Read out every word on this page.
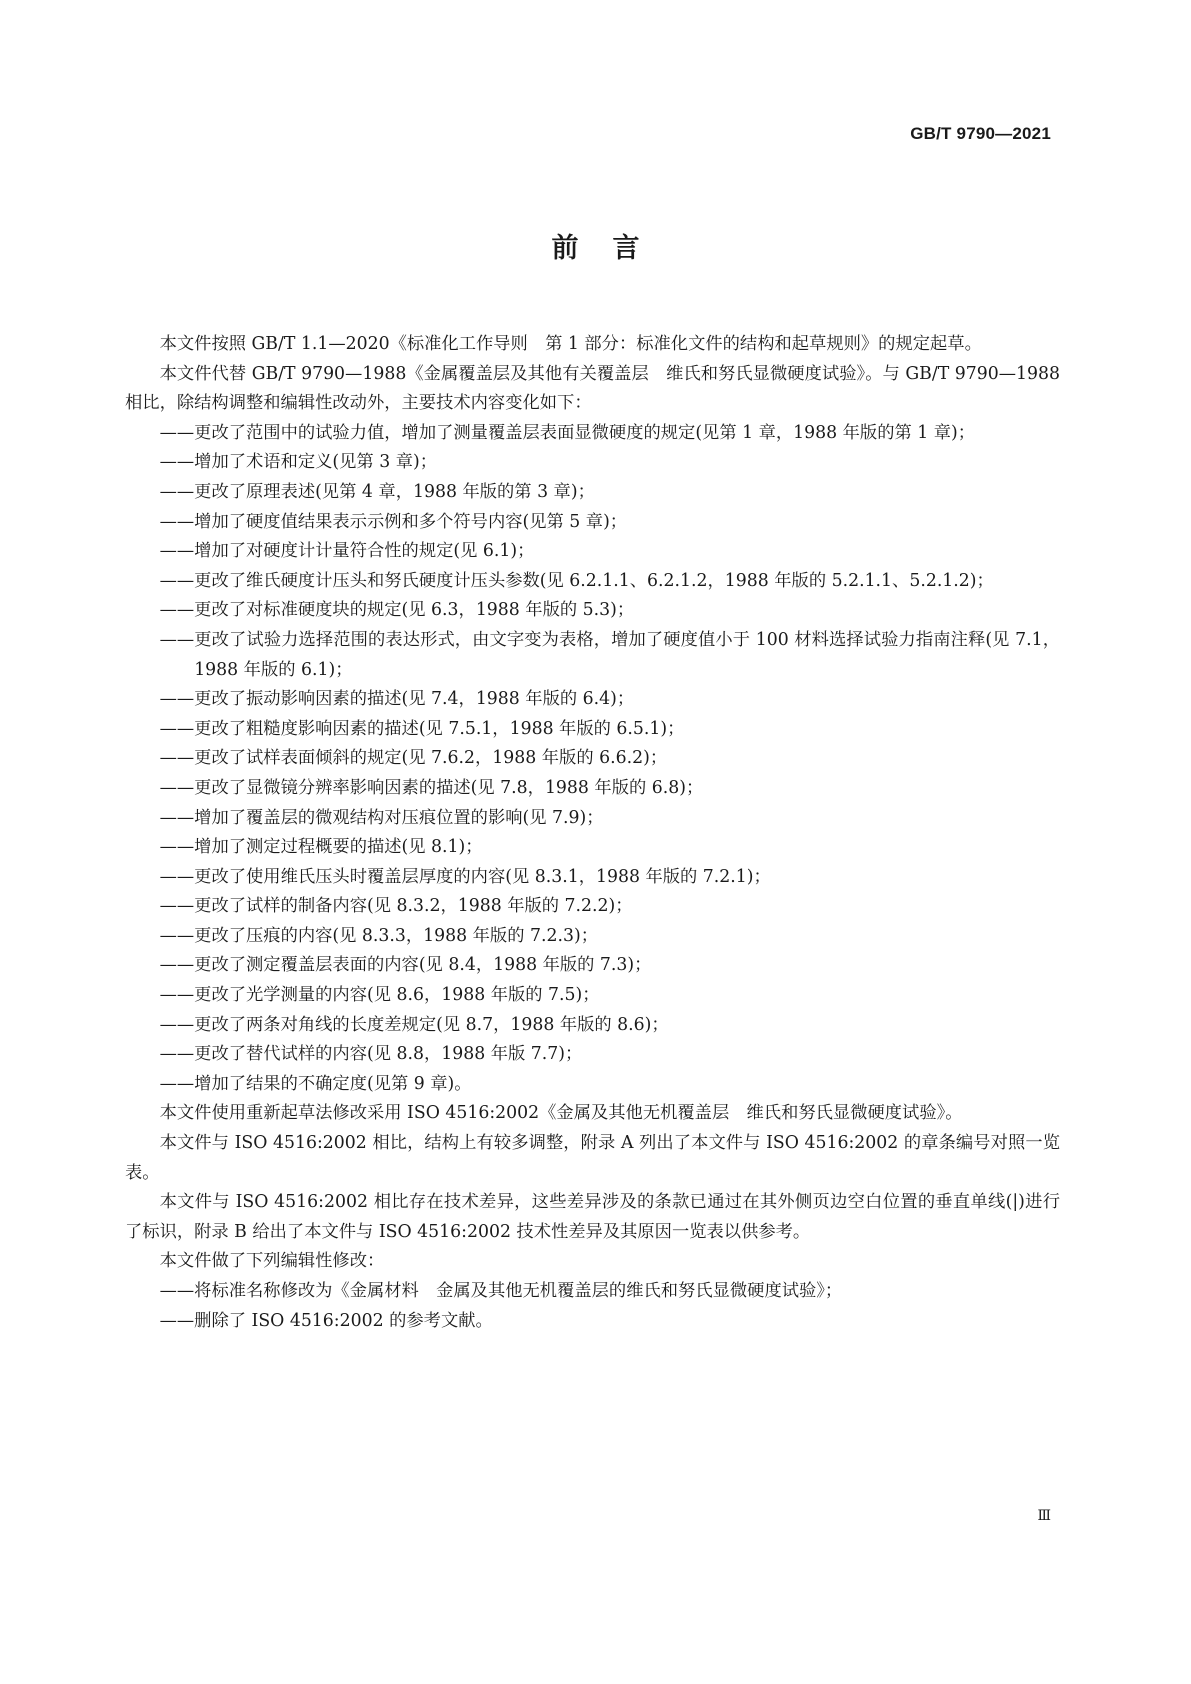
GB/T 9790—2021
前言

本文件按照 GB/T 1.1—2020《标准化工作导则　第 1 部分：标准化文件的结构和起草规则》的规定起草。

本文件代替 GB/T 9790—1988《金属覆盖层及其他有关覆盖层　维氏和努氏显微硬度试验》。与 GB/T 9790—1988 相比，除结构调整和编辑性改动外，主要技术内容变化如下：

——更改了范围中的试验力值，增加了测量覆盖层表面显微硬度的规定(见第 1 章，1988 年版的第 1 章)；

——增加了术语和定义(见第 3 章)；

——更改了原理表述(见第 4 章，1988 年版的第 3 章)；

——增加了硬度值结果表示示例和多个符号内容(见第 5 章)；

——增加了对硬度计计量符合性的规定(见 6.1)；

——更改了维氏硬度计压头和努氏硬度计压头参数(见 6.2.1.1、6.2.1.2，1988 年版的 5.2.1.1、5.2.1.2)；

——更改了对标准硬度块的规定(见 6.3，1988 年版的 5.3)；

——更改了试验力选择范围的表达形式，由文字变为表格，增加了硬度值小于 100 材料选择试验力指南注释(见 7.1，1988 年版的 6.1)；

——更改了振动影响因素的描述(见 7.4，1988 年版的 6.4)；

——更改了粗糙度影响因素的描述(见 7.5.1，1988 年版的 6.5.1)；

——更改了试样表面倾斜的规定(见 7.6.2，1988 年版的 6.6.2)；

——更改了显微镜分辨率影响因素的描述(见 7.8，1988 年版的 6.8)；

——增加了覆盖层的微观结构对压痕位置的影响(见 7.9)；

——增加了测定过程概要的描述(见 8.1)；

——更改了使用维氏压头时覆盖层厚度的内容(见 8.3.1，1988 年版的 7.2.1)；

——更改了试样的制备内容(见 8.3.2，1988 年版的 7.2.2)；

——更改了压痕的内容(见 8.3.3，1988 年版的 7.2.3)；

——更改了测定覆盖层表面的内容(见 8.4，1988 年版的 7.3)；

——更改了光学测量的内容(见 8.6，1988 年版的 7.5)；

——更改了两条对角线的长度差规定(见 8.7，1988 年版的 8.6)；

——更改了替代试样的内容(见 8.8，1988 年版 7.7)；

——增加了结果的不确定度(见第 9 章)。

本文件使用重新起草法修改采用 ISO 4516:2002《金属及其他无机覆盖层　维氏和努氏显微硬度试验》。

本文件与 ISO 4516:2002 相比，结构上有较多调整，附录 A 列出了本文件与 ISO 4516:2002 的章条编号对照一览表。

本文件与 ISO 4516:2002 相比存在技术差异，这些差异涉及的条款已通过在其外侧页边空白位置的垂直单线(|)进行了标识，附录 B 给出了本文件与 ISO 4516:2002 技术性差异及其原因一览表以供参考。

本文件做了下列编辑性修改：

——将标准名称修改为《金属材料　金属及其他无机覆盖层的维氏和努氏显微硬度试验》；

——删除了 ISO 4516:2002 的参考文献。

Ⅲ
